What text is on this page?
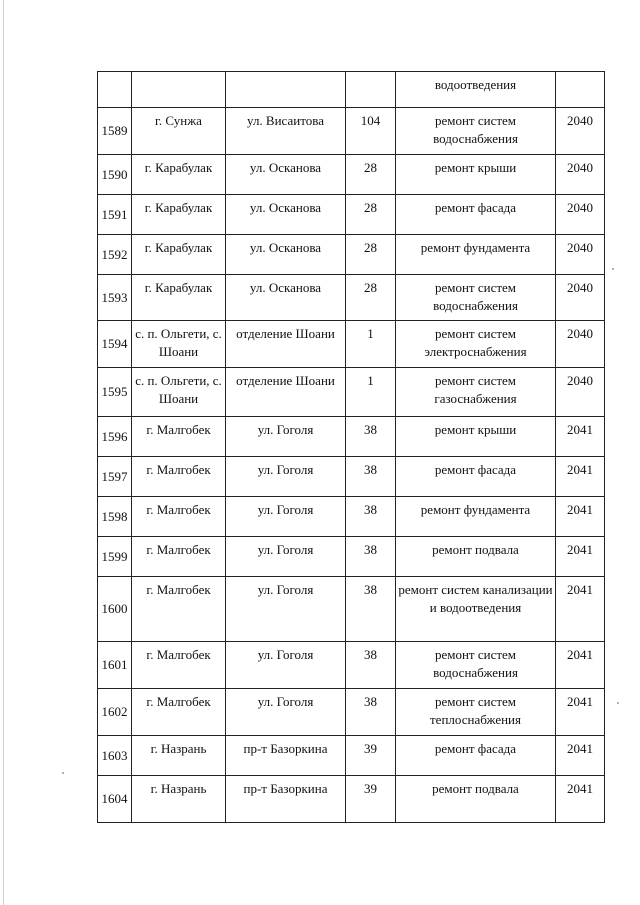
				водоотведения	
1589	г. Сунжа	ул. Висаитова	104	ремонт систем водоснабжения	2040
1590	г. Карабулак	ул. Осканова	28	ремонт крыши	2040
1591	г. Карабулак	ул. Осканова	28	ремонт фасада	2040
1592	г. Карабулак	ул. Осканова	28	ремонт фундамента	2040
1593	г. Карабулак	ул. Осканова	28	ремонт систем водоснабжения	2040
1594	с. п. Ольгети, с. Шоани	отделение Шоани	1	ремонт систем электроснабжения	2040
1595	с. п. Ольгети, с. Шоани	отделение Шоани	1	ремонт систем газоснабжения	2040
1596	г. Малгобек	ул. Гоголя	38	ремонт крыши	2041
1597	г. Малгобек	ул. Гоголя	38	ремонт фасада	2041
1598	г. Малгобек	ул. Гоголя	38	ремонт фундамента	2041
1599	г. Малгобек	ул. Гоголя	38	ремонт подвала	2041
1600	г. Малгобек	ул. Гоголя	38	ремонт систем канализации и водоотведения	2041
1601	г. Малгобек	ул. Гоголя	38	ремонт систем водоснабжения	2041
1602	г. Малгобек	ул. Гоголя	38	ремонт систем теплоснабжения	2041
1603	г. Назрань	пр-т Базоркина	39	ремонт фасада	2041
1604	г. Назрань	пр-т Базоркина	39	ремонт подвала	2041
